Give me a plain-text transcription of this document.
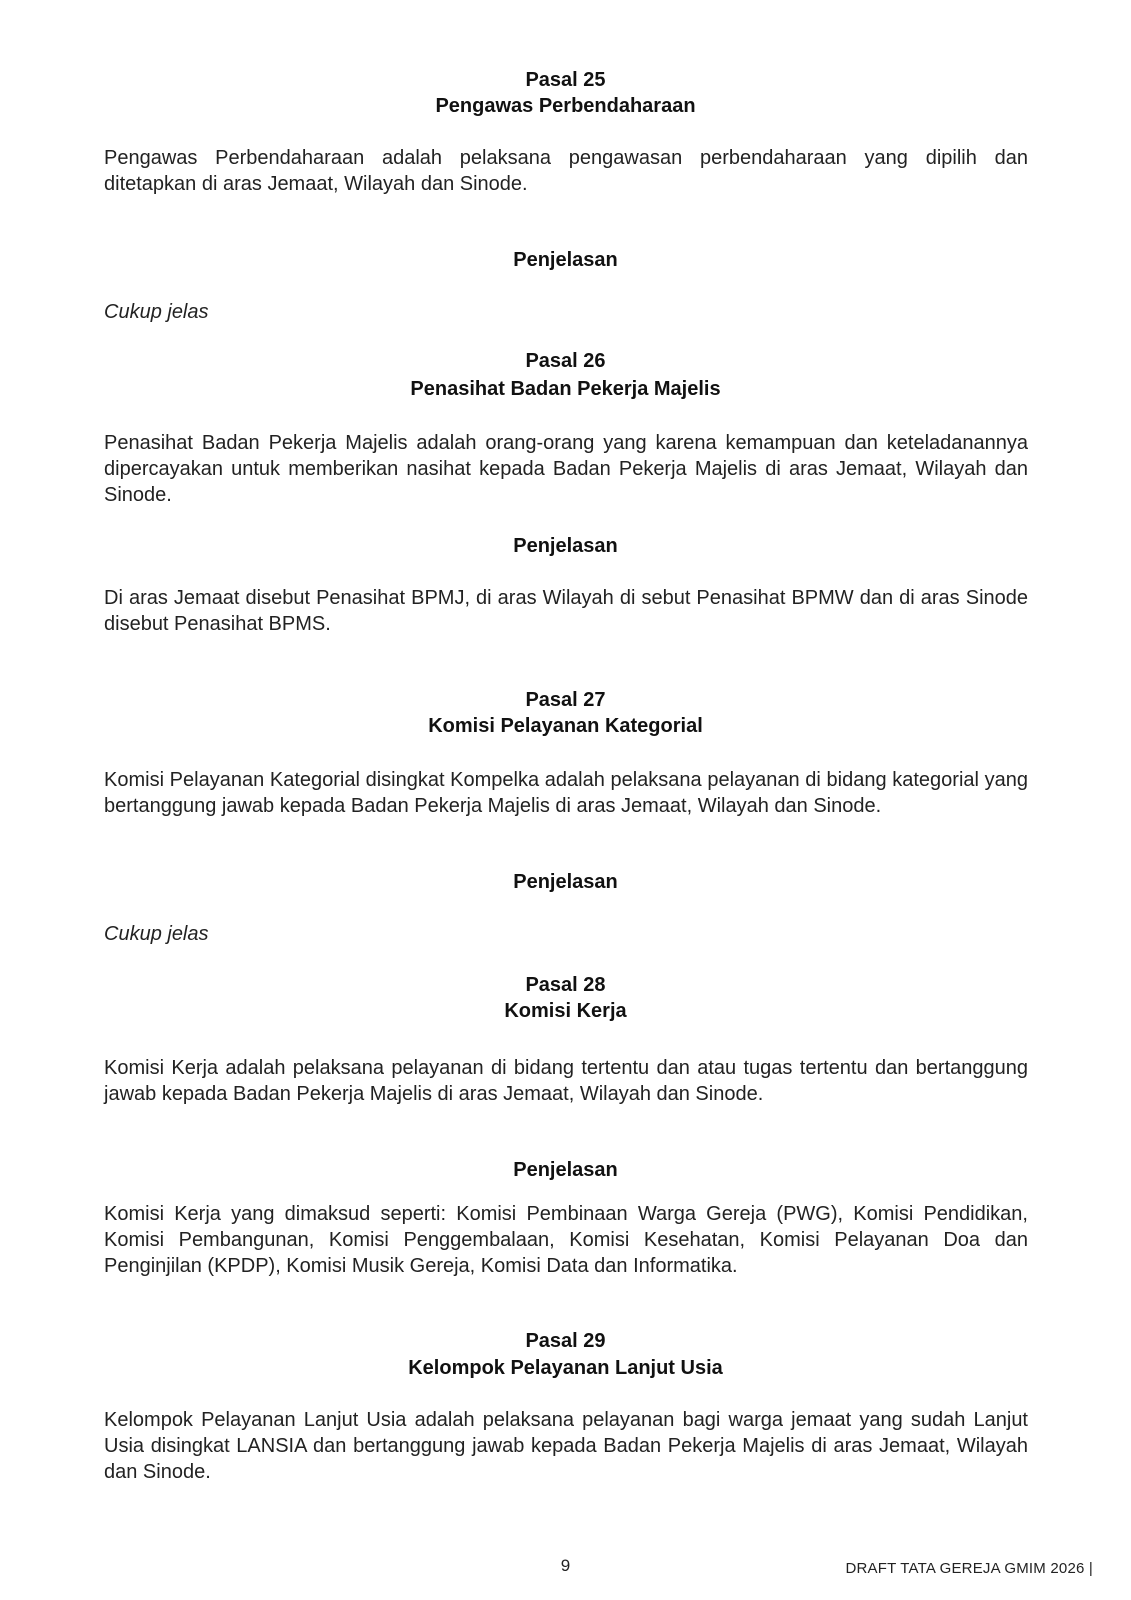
Pasal 25
Pengawas Perbendaharaan
Pengawas Perbendaharaan adalah pelaksana pengawasan perbendaharaan yang dipilih dan ditetapkan di aras Jemaat, Wilayah dan Sinode.
Penjelasan
Cukup jelas
Pasal 26
Penasihat Badan Pekerja Majelis
Penasihat Badan Pekerja Majelis adalah orang-orang yang karena kemampuan dan keteladanannya dipercayakan untuk memberikan nasihat kepada Badan Pekerja Majelis di aras Jemaat, Wilayah dan Sinode.
Penjelasan
Di aras Jemaat disebut Penasihat BPMJ, di aras Wilayah di sebut Penasihat BPMW dan di aras Sinode disebut Penasihat BPMS.
Pasal 27
Komisi Pelayanan Kategorial
Komisi Pelayanan Kategorial disingkat Kompelka adalah pelaksana pelayanan di bidang kategorial yang bertanggung jawab kepada Badan Pekerja Majelis di aras Jemaat, Wilayah dan Sinode.
Penjelasan
Cukup jelas
Pasal 28
Komisi Kerja
Komisi Kerja adalah pelaksana pelayanan di bidang tertentu dan atau tugas tertentu dan bertanggung jawab kepada Badan Pekerja Majelis di aras Jemaat, Wilayah dan Sinode.
Penjelasan
Komisi Kerja yang dimaksud seperti: Komisi Pembinaan Warga Gereja (PWG), Komisi Pendidikan, Komisi Pembangunan, Komisi Penggembalaan, Komisi Kesehatan, Komisi Pelayanan Doa dan Penginjilan (KPDP), Komisi Musik Gereja, Komisi Data dan Informatika.
Pasal 29
Kelompok Pelayanan Lanjut Usia
Kelompok Pelayanan Lanjut Usia adalah pelaksana pelayanan bagi warga jemaat yang sudah Lanjut Usia disingkat LANSIA dan bertanggung jawab kepada Badan Pekerja Majelis di aras Jemaat, Wilayah dan Sinode.
9	DRAFT TATA GEREJA GMIM 2026 |
